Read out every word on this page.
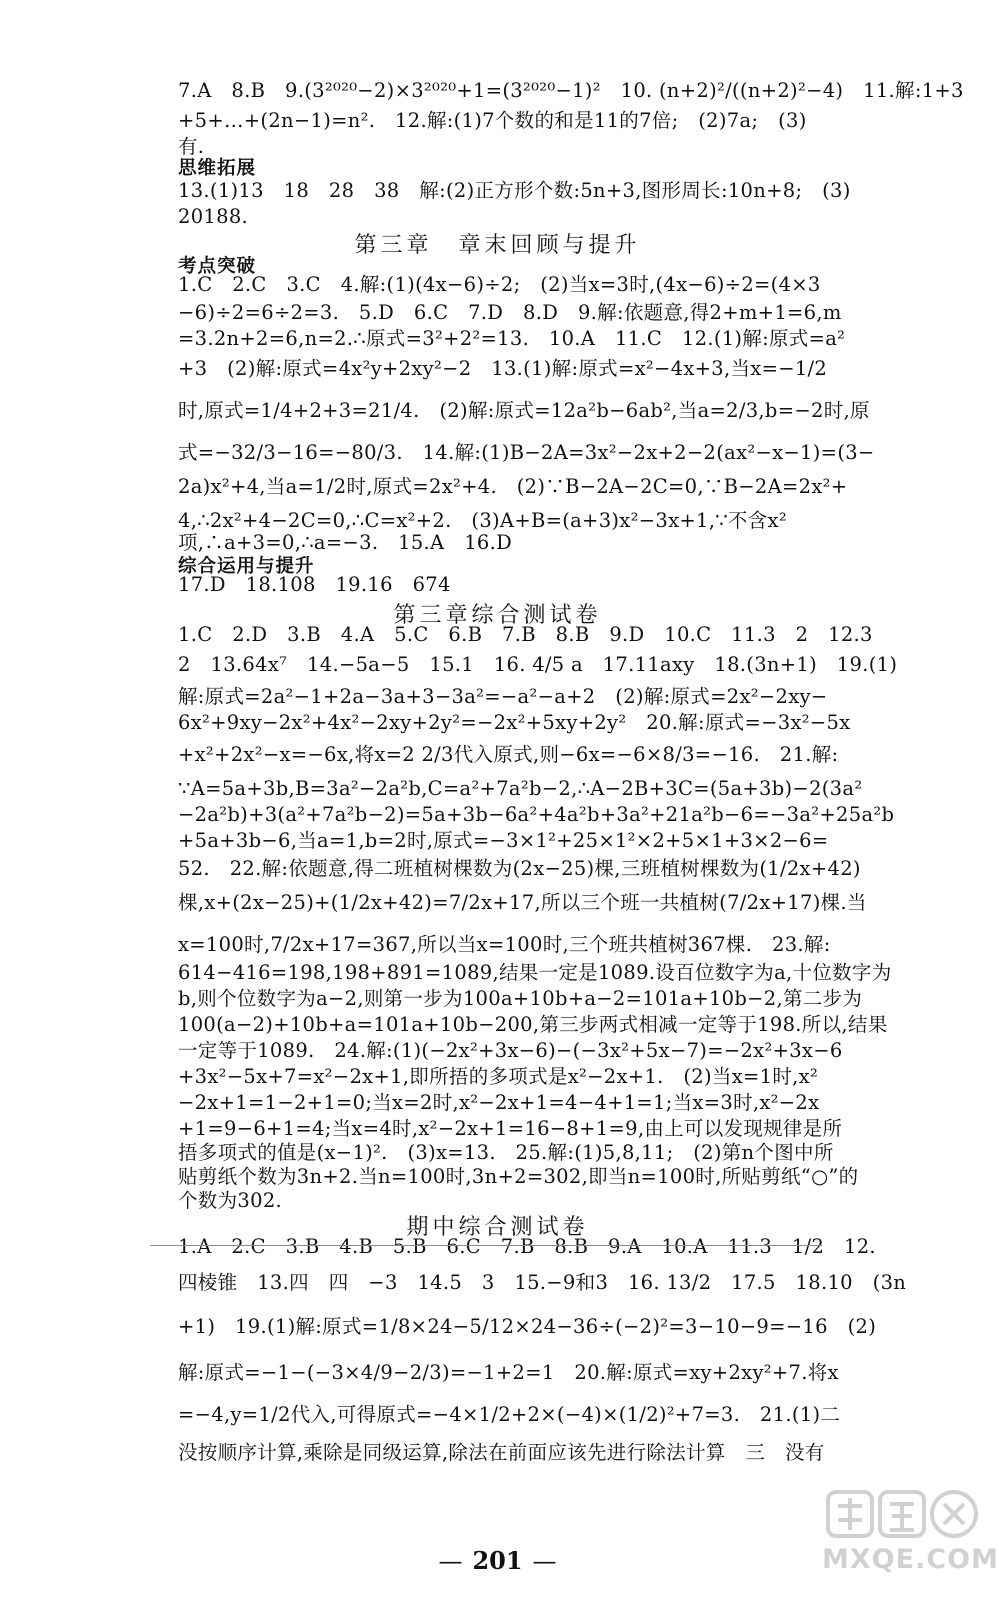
7.A　8.B　9.(3²⁰²⁰−2)×3²⁰²⁰+1=(3²⁰²⁰−1)²　10. (n+2)²/((n+2)²−4)　11.解:1+3
+5+…+(2n−1)=n².　12.解:(1)7个数的和是11的7倍;　(2)7a;　(3)
有.
思维拓展
13.(1)13　18　28　38　解:(2)正方形个数:5n+3,图形周长:10n+8;　(3)
20188.
第三章　章末回顾与提升
考点突破
1.C　2.C　3.C　4.解:(1)(4x−6)÷2;　(2)当x=3时,(4x−6)÷2=(4×3
−6)÷2=6÷2=3.　5.D　6.C　7.D　8.D　9.解:依题意,得2+m+1=6,m
=3.2n+2=6,n=2.∴原式=3²+2²=13.　10.A　11.C　12.(1)解:原式=a²
+3　(2)解:原式=4x²y+2xy²−2　13.(1)解:原式=x²−4x+3,当x=−1/2
时,原式=1/4+2+3=21/4.　(2)解:原式=12a²b−6ab²,当a=2/3,b=−2时,原
式=−32/3−16=−80/3.　14.解:(1)B−2A=3x²−2x+2−2(ax²−x−1)=(3−
2a)x²+4,当a=1/2时,原式=2x²+4.　(2)∵B−2A−2C=0,∵B−2A=2x²+
4,∴2x²+4−2C=0,∴C=x²+2.　(3)A+B=(a+3)x²−3x+1,∵不含x²
项,∴a+3=0,∴a=−3.　15.A　16.D
综合运用与提升
17.D　18.108　19.16　674
第三章综合测试卷
1.C　2.D　3.B　4.A　5.C　6.B　7.B　8.B　9.D　10.C　11.3　2　12.3
2　13.64x⁷　14.−5a−5　15.1　16. 4/5 a　17.11axy　18.(3n+1)　19.(1)
解:原式=2a²−1+2a−3a+3−3a²=−a²−a+2　(2)解:原式=2x²−2xy−
6x²+9xy−2x²+4x²−2xy+2y²=−2x²+5xy+2y²　20.解:原式=−3x²−5x
+x²+2x²−x=−6x,将x=2 2/3代入原式,则−6x=−6×8/3=−16.　21.解:
∵A=5a+3b,B=3a²−2a²b,C=a²+7a²b−2,∴A−2B+3C=(5a+3b)−2(3a²
−2a²b)+3(a²+7a²b−2)=5a+3b−6a²+4a²b+3a²+21a²b−6=−3a²+25a²b
+5a+3b−6,当a=1,b=2时,原式=−3×1²+25×1²×2+5×1+3×2−6=
52.　22.解:依题意,得二班植树棵数为(2x−25)棵,三班植树棵数为(1/2x+42)
棵,x+(2x−25)+(1/2x+42)=7/2x+17,所以三个班一共植树(7/2x+17)棵.当
x=100时,7/2x+17=367,所以当x=100时,三个班共植树367棵.　23.解:
614−416=198,198+891=1089,结果一定是1089.设百位数字为a,十位数字为
b,则个位数字为a−2,则第一步为100a+10b+a−2=101a+10b−2,第二步为
100(a−2)+10b+a=101a+10b−200,第三步两式相减一定等于198.所以,结果
一定等于1089.　24.解:(1)(−2x²+3x−6)−(−3x²+5x−7)=−2x²+3x−6
+3x²−5x+7=x²−2x+1,即所捂的多项式是x²−2x+1.　(2)当x=1时,x²
−2x+1=1−2+1=0;当x=2时,x²−2x+1=4−4+1=1;当x=3时,x²−2x
+1=9−6+1=4;当x=4时,x²−2x+1=16−8+1=9,由上可以发现规律是所
捂多项式的值是(x−1)².　(3)x=13.　25.解:(1)5,8,11;　(2)第n个图中所
贴剪纸个数为3n+2.当n=100时,3n+2=302,即当n=100时,所贴剪纸“○”的
个数为302.
期中综合测试卷
1.A　2.C　3.B　4.B　5.B　6.C　7.B　8.B　9.A　10.A　11.3　1/2　12.
四棱锥　13.四　四　−3　14.5　3　15.−9和3　16. 13/2　17.5　18.10　(3n
+1)　19.(1)解:原式=1/8×24−5/12×24−36÷(−2)²=3−10−9=−16　(2)
解:原式=−1−(−3×4/9−2/3)=−1+2=1　20.解:原式=xy+2xy²+7.将x
=−4,y=1/2代入,可得原式=−4×1/2+2×(−4)×(1/2)²+7=3.　21.(1)二
没按顺序计算,乘除是同级运算,除法在前面应该先进行除法计算　三　没有
— 201 —	MXQE.COM
